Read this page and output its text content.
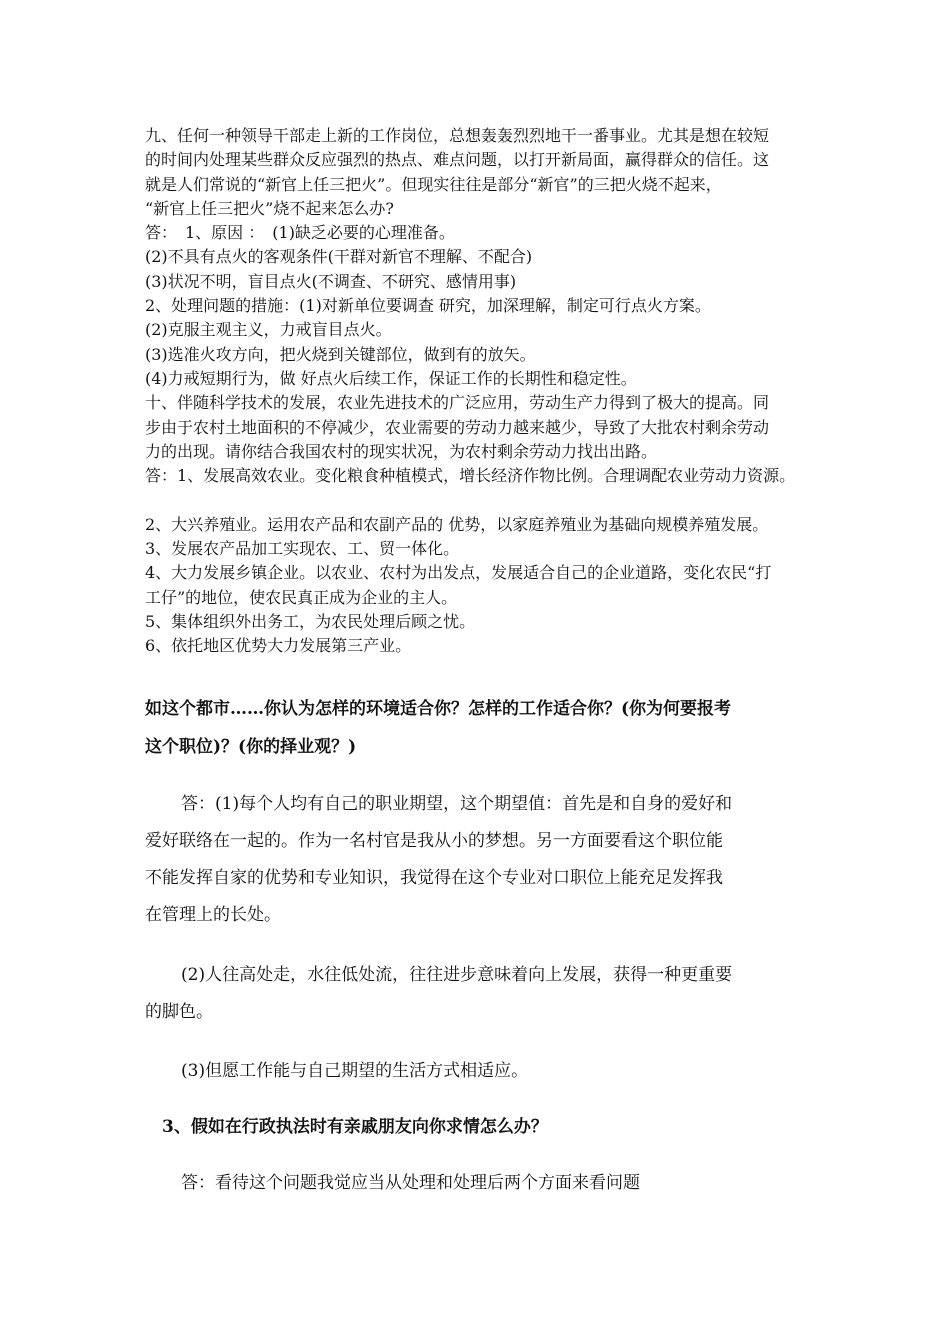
九、任何一种领导干部走上新的工作岗位，总想轰轰烈烈地干一番事业。尤其是想在较短
的时间内处理某些群众反应强烈的热点、难点问题，以打开新局面，赢得群众的信任。这
就是人们常说的“新官上任三把火”。但现实往往是部分“新官”的三把火烧不起来，
“新官上任三把火”烧不起来怎么办?
答：　1、原因 ：　(1)缺乏必要的心理准备。
(2)不具有点火的客观条件(干群对新官不理解、不配合)
(3)状况不明，盲目点火(不调查、不研究、感情用事)
2、处理问题的措施：(1)对新单位要调查 研究，加深理解，制定可行点火方案。
(2)克服主观主义，力戒盲目点火。
(3)选准火攻方向，把火烧到关键部位，做到有的放矢。
(4)力戒短期行为，做 好点火后续工作，保证工作的长期性和稳定性。
十、伴随科学技术的发展，农业先进技术的广泛应用，劳动生产力得到了极大的提高。同
步由于农村土地面积的不停减少，农业需要的劳动力越来越少，导致了大批农村剩余劳动
力的出现。请你结合我国农村的现实状况，为农村剩余劳动力找出出路。
答：1、发展高效农业。变化粮食种植模式，增长经济作物比例。合理调配农业劳动力资源。
2、大兴养殖业。运用农产品和农副产品的 优势，以家庭养殖业为基础向规模养殖发展。
3、发展农产品加工实现农、工、贸一体化。
4、大力发展乡镇企业。以农业、农村为出发点，发展适合自己的企业道路，变化农民“打
工仔”的地位，使农民真正成为企业的主人。
5、集体组织外出务工，为农民处理后顾之忧。
6、依托地区优势大力发展第三产业。
如这个都市……你认为怎样的环境适合你？怎样的工作适合你？(你为何要报考
这个职位)？(你的择业观？)
答：(1)每个人均有自己的职业期望，这个期望值：首先是和自身的爱好和
爱好联络在一起的。作为一名村官是我从小的梦想。另一方面要看这个职位能
不能发挥自家的优势和专业知识，我觉得在这个专业对口职位上能充足发挥我
在管理上的长处。
(2)人往高处走，水往低处流，往往进步意味着向上发展，获得一种更重要
的脚色。
(3)但愿工作能与自己期望的生活方式相适应。
3、假如在行政执法时有亲戚朋友向你求情怎么办？
答：看待这个问题我觉应当从处理和处理后两个方面来看问题
